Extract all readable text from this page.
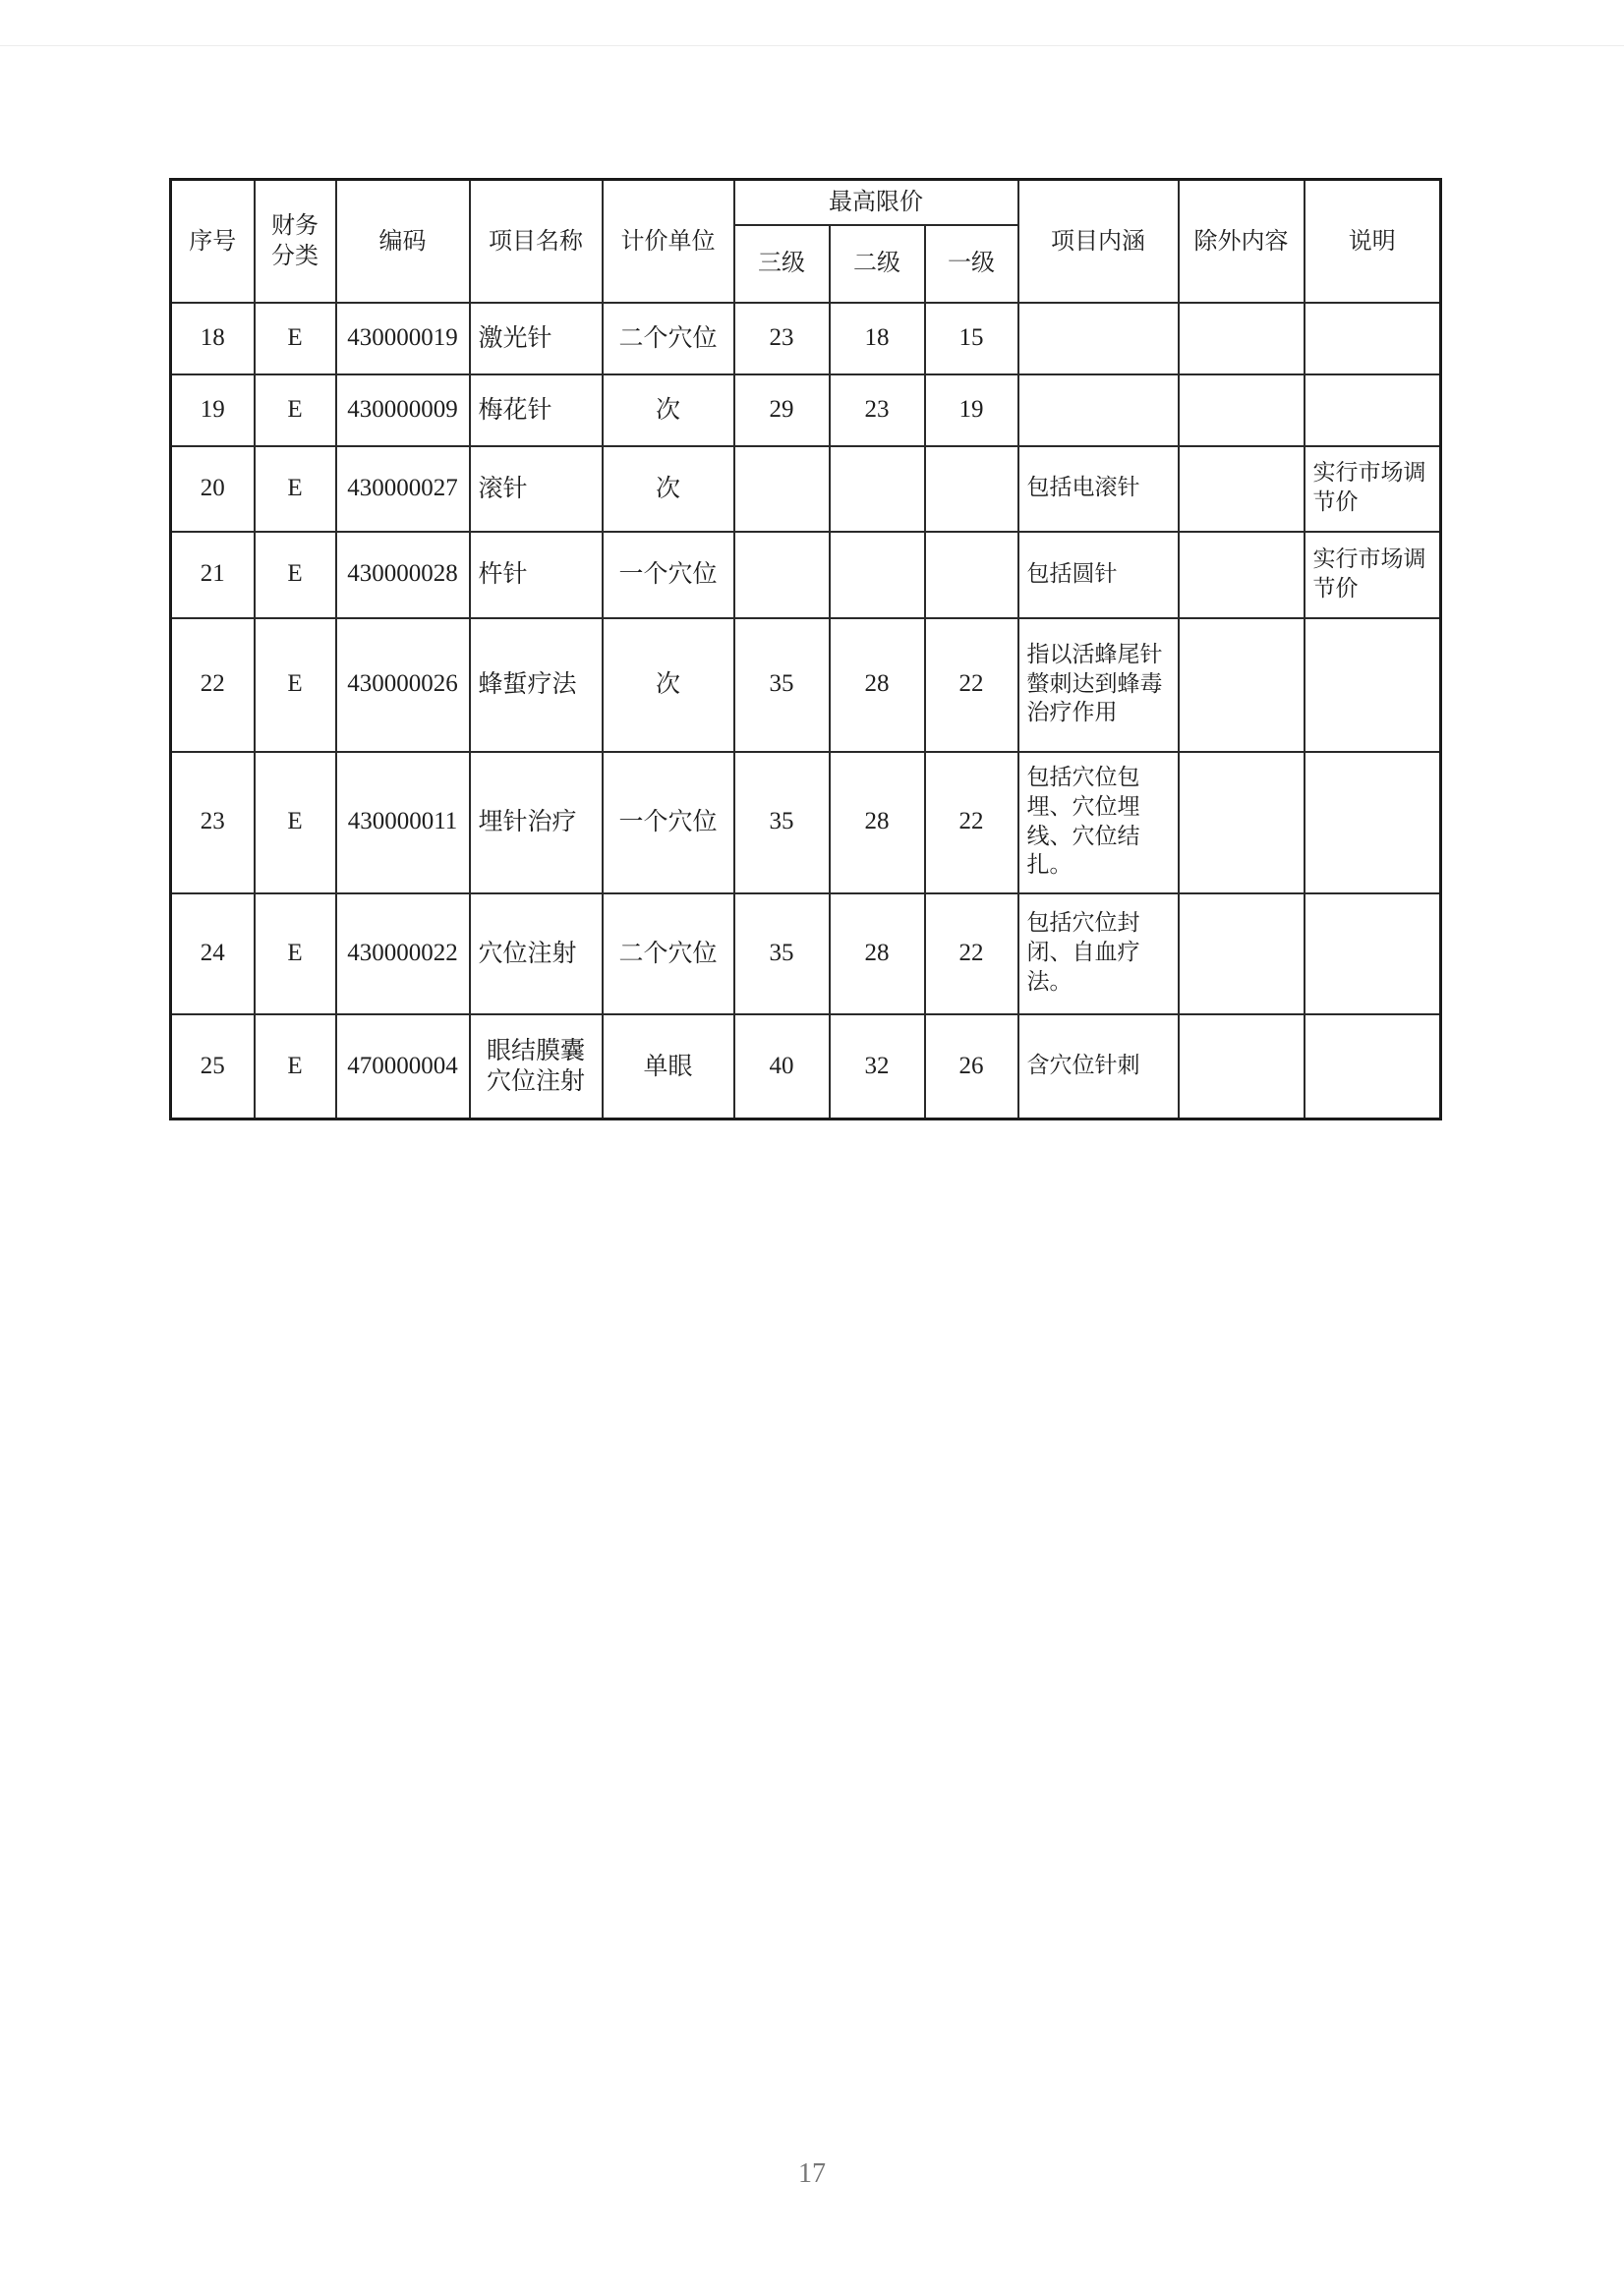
序号	财务分类	编码	项目名称	计价单位	最高限价			项目内涵	除外内容	说明
					三级	二级	一级			
18	E	430000019	激光针	二个穴位	23	18	15			
19	E	430000009	梅花针	次	29	23	19			
20	E	430000027	滚针	次				包括电滚针		实行市场调节价
21	E	430000028	杵针	一个穴位				包括圆针		实行市场调节价
22	E	430000026	蜂蜇疗法	次	35	28	22	指以活蜂尾针螫刺达到蜂毒治疗作用		
23	E	430000011	埋针治疗	一个穴位	35	28	22	包括穴位包埋、穴位埋线、穴位结扎。		
24	E	430000022	穴位注射	二个穴位	35	28	22	包括穴位封闭、自血疗法。		
25	E	470000004	眼结膜囊穴位注射	单眼	40	32	26	含穴位针刺		
17
